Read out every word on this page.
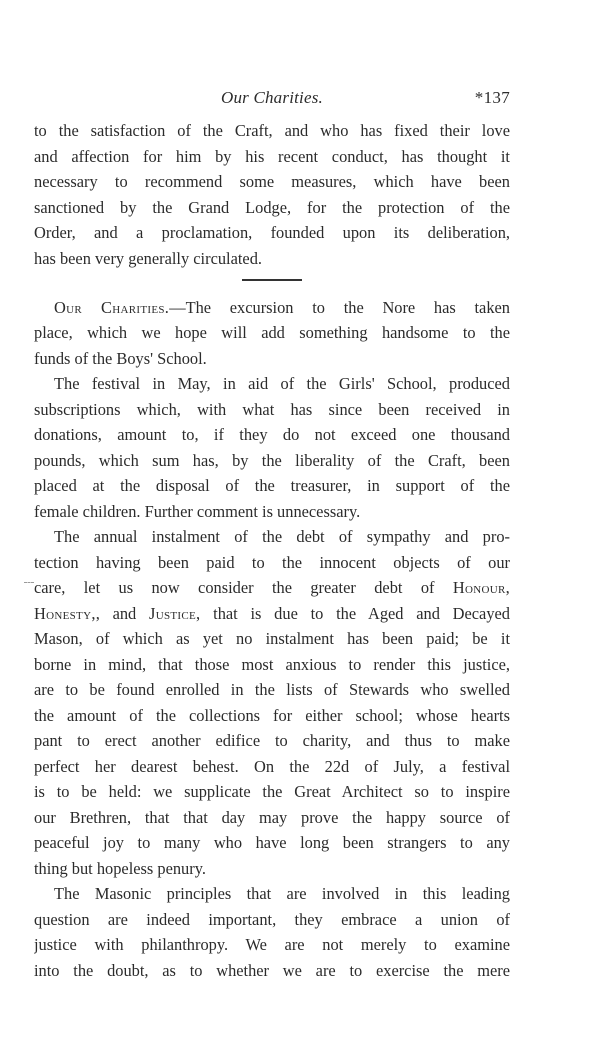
Our Charities.	*137
to the satisfaction of the Craft, and who has fixed their love
and affection for him by his recent conduct, has thought it
necessary to recommend some measures, which have been
sanctioned by the Grand Lodge, for the protection of the
Order, and a proclamation, founded upon its deliberation,
has been very generally circulated.
Our Charities.—The excursion to the Nore has taken
place, which we hope will add something handsome to the
funds of the Boys' School.
The festival in May, in aid of the Girls' School, produced
subscriptions which, with what has since been received in
donations, amount to, if they do not exceed one thousand
pounds, which sum has, by the liberality of the Craft, been
placed at the disposal of the treasurer, in support of the
female children. Further comment is unnecessary.
The annual instalment of the debt of sympathy and pro-
tection having been paid to the innocent objects of our
care, let us now consider the greater debt of Honour,
Honesty,, and Justice, that is due to the Aged and Decayed
Mason, of which as yet no instalment has been paid; be it
borne in mind, that those most anxious to render this justice,
are to be found enrolled in the lists of Stewards who swelled
the amount of the collections for either school; whose hearts
pant to erect another edifice to charity, and thus to make
perfect her dearest behest. On the 22d of July, a festival
is to be held: we supplicate the Great Architect so to inspire
our Brethren, that that day may prove the happy source of
peaceful joy to many who have long been strangers to any
thing but hopeless penury.
The Masonic principles that are involved in this leading
question are indeed important, they embrace a union of
justice with philanthropy. We are not merely to examine
into the doubt, as to whether we are to exercise the mere
